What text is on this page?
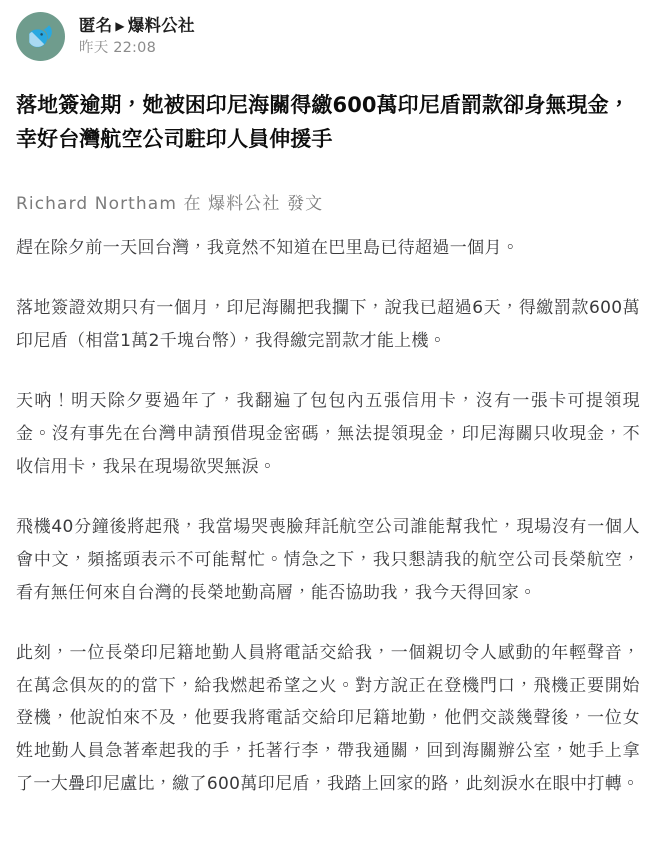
匿名 ▶ 爆料公社
昨天 22:08
落地簽逾期，她被困印尼海關得繳600萬印尼盾罰款卻身無現金，幸好台灣航空公司駐印人員伸援手
Richard Northam 在 爆料公社 發文

趕在除夕前一天回台灣，我竟然不知道在巴里島已待超過一個月。

落地簽證效期只有一個月，印尼海關把我攔下，說我已超過6天，得繳罰款600萬印尼盾（相當1萬2千塊台幣），我得繳完罰款才能上機。

天吶！明天除夕要過年了，我翻遍了包包內五張信用卡，沒有一張卡可提領現金。沒有事先在台灣申請預借現金密碼，無法提領現金，印尼海關只收現金，不收信用卡，我呆在現場欲哭無淚。

飛機40分鐘後將起飛，我當場哭喪臉拜託航空公司誰能幫我忙，現場沒有一個人會中文，頻搖頭表示不可能幫忙。情急之下，我只懇請我的航空公司長榮航空，看有無任何來自台灣的長榮地勤高層，能否協助我，我今天得回家。

此刻，一位長榮印尼籍地勤人員將電話交給我，一個親切令人感動的年輕聲音，在萬念俱灰的的當下，給我燃起希望之火。對方說正在登機門口，飛機正要開始登機，他說怕來不及，他要我將電話交給印尼籍地勤，他們交談幾聲後，一位女姓地勤人員急著牽起我的手，托著行李，帶我通關，回到海關辦公室，她手上拿了一大疊印尼盧比，繳了600萬印尼盾，我踏上回家的路，此刻淚水在眼中打轉。
